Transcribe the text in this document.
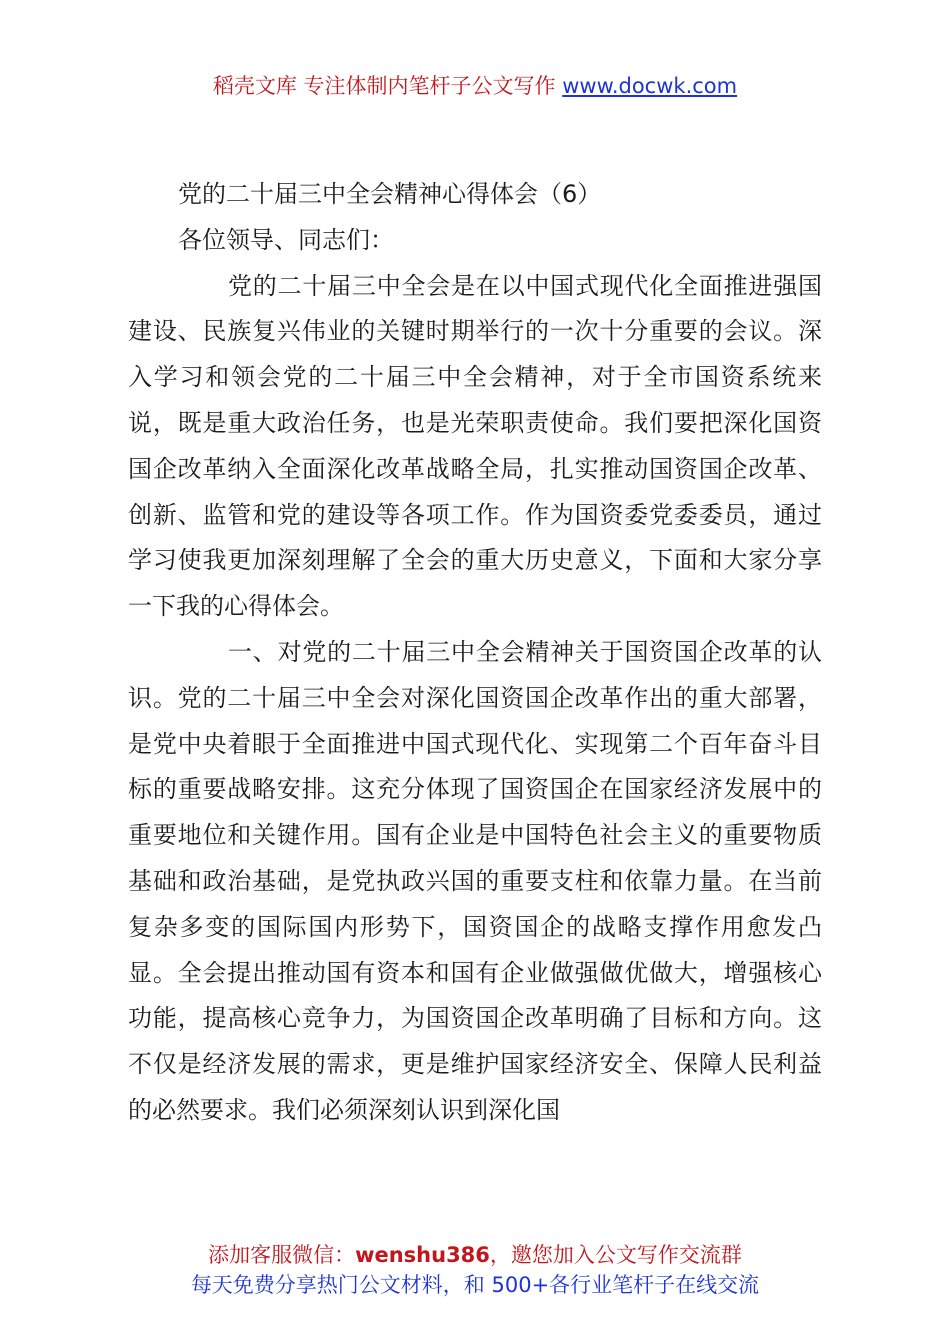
稻壳文库 专注体制内笔杆子公文写作 www.docwk.com

党的二十届三中全会精神心得体会（6）

各位领导、同志们：

党的二十届三中全会是在以中国式现代化全面推进强国建设、民族复兴伟业的关键时期举行的一次十分重要的会议。深入学习和领会党的二十届三中全会精神，对于全市国资系统来说，既是重大政治任务，也是光荣职责使命。我们要把深化国资国企改革纳入全面深化改革战略全局，扎实推动国资国企改革、创新、监管和党的建设等各项工作。作为国资委党委委员，通过学习使我更加深刻理解了全会的重大历史意义，下面和大家分享一下我的心得体会。

一、对党的二十届三中全会精神关于国资国企改革的认识。党的二十届三中全会对深化国资国企改革作出的重大部署，是党中央着眼于全面推进中国式现代化、实现第二个百年奋斗目标的重要战略安排。这充分体现了国资国企在国家经济发展中的重要地位和关键作用。国有企业是中国特色社会主义的重要物质基础和政治基础，是党执政兴国的重要支柱和依靠力量。在当前复杂多变的国际国内形势下，国资国企的战略支撑作用愈发凸显。全会提出推动国有资本和国有企业做强做优做大，增强核心功能，提高核心竞争力，为国资国企改革明确了目标和方向。这不仅是经济发展的需求，更是维护国家经济安全、保障人民利益的必然要求。我们必须深刻认识到深化国

添加客服微信：wenshu386，邀您加入公文写作交流群
每天免费分享热门公文材料，和 500+各行业笔杆子在线交流
